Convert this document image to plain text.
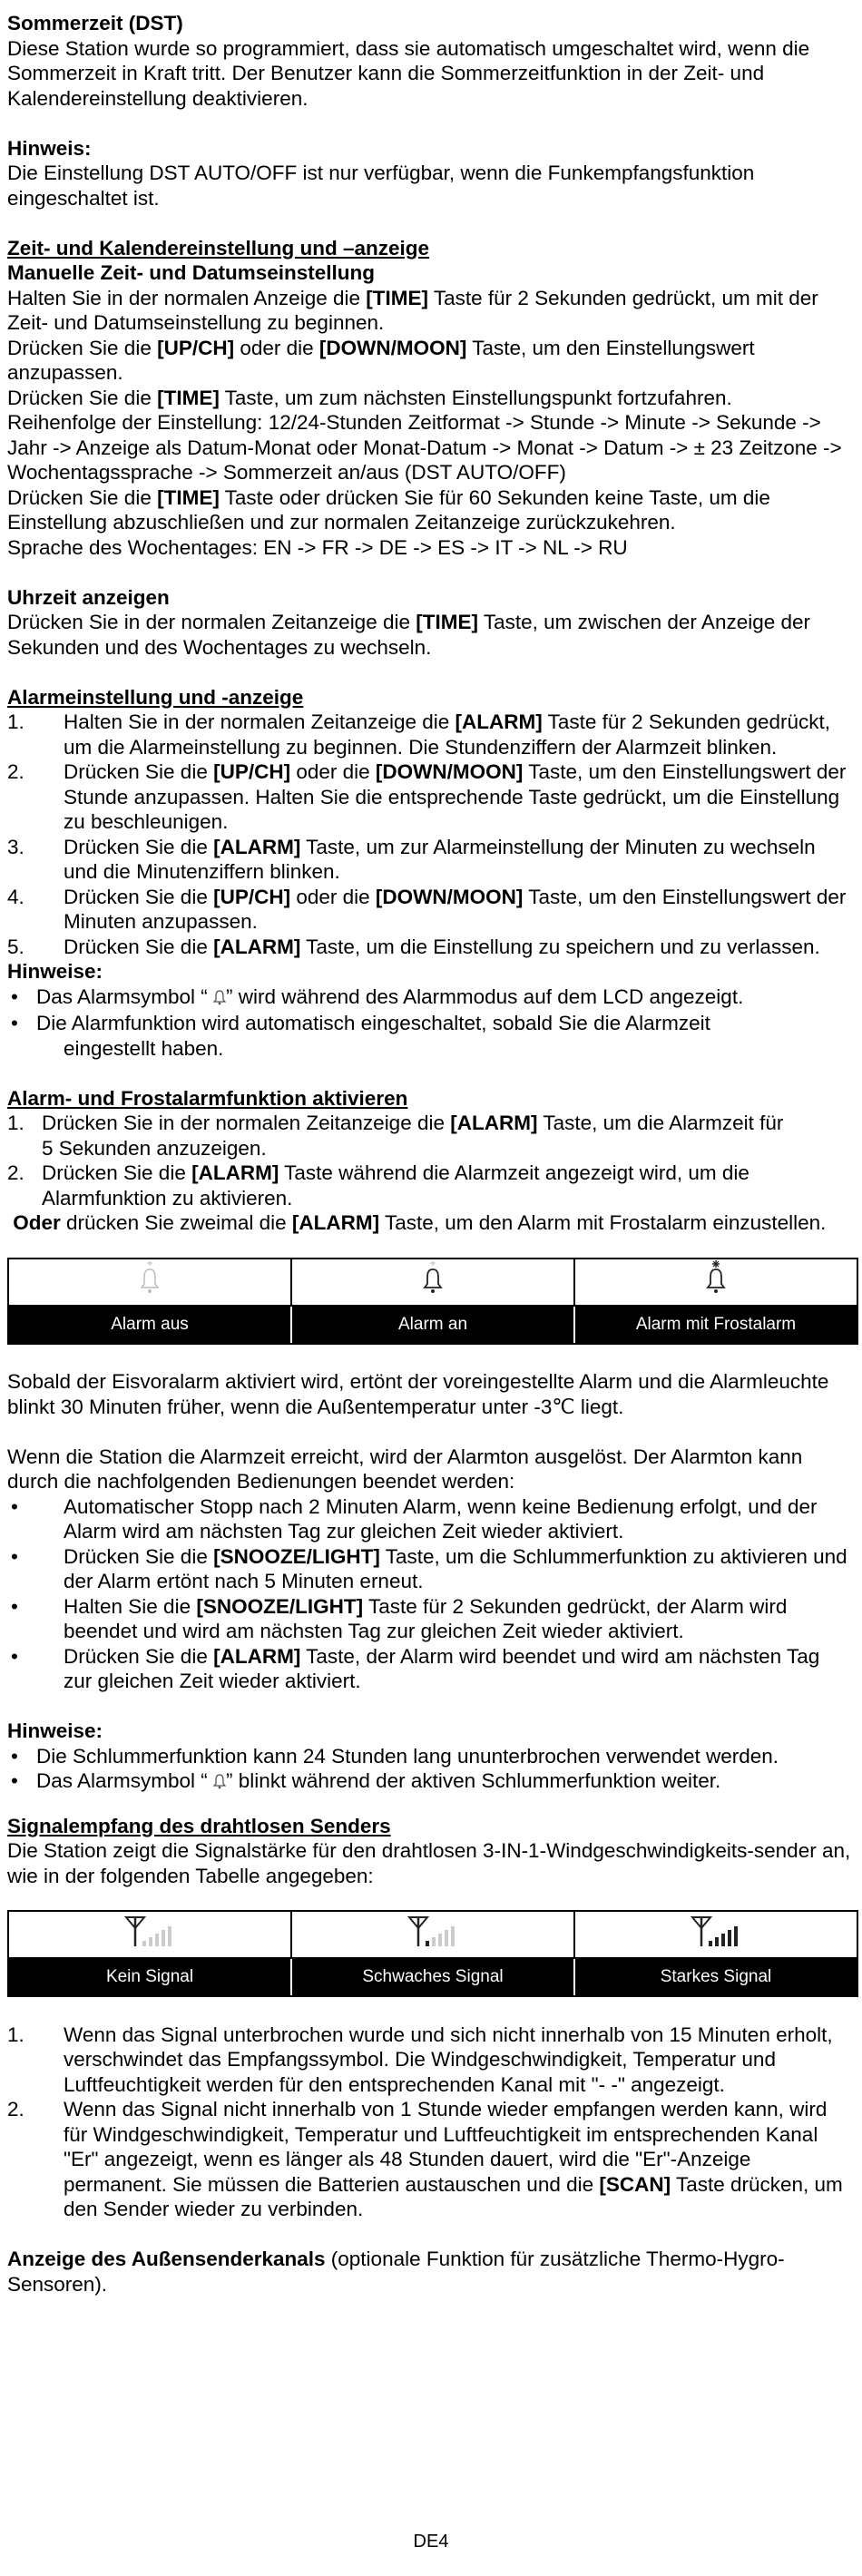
Sommerzeit (DST)

Diese Station wurde so programmiert, dass sie automatisch umgeschaltet wird, wenn die Sommerzeit in Kraft tritt. Der Benutzer kann die Sommerzeitfunktion in der Zeit- und Kalendereinstellung deaktivieren.

Hinweis:

Die Einstellung DST AUTO/OFF ist nur verfügbar, wenn die Funkempfangsfunktion eingeschaltet ist.

Zeit- und Kalendereinstellung und –anzeige

Manuelle Zeit- und Datumseinstellung

Halten Sie in der normalen Anzeige die [TIME] Taste für 2 Sekunden gedrückt, um mit der Zeit- und Datumseinstellung zu beginnen.

Drücken Sie die [UP/CH] oder die [DOWN/MOON] Taste, um den Einstellungswert anzupassen.

Drücken Sie die [TIME] Taste, um zum nächsten Einstellungspunkt fortzufahren.

Reihenfolge der Einstellung: 12/24-Stunden Zeitformat -> Stunde -> Minute -> Sekunde -> Jahr -> Anzeige als Datum-Monat oder Monat-Datum -> Monat -> Datum -> ± 23 Zeitzone -> Wochentagssprache -> Sommerzeit an/aus (DST AUTO/OFF)

Drücken Sie die [TIME] Taste oder drücken Sie für 60 Sekunden keine Taste, um die Einstellung abzuschließen und zur normalen Zeitanzeige zurückzukehren.

Sprache des Wochentages: EN -> FR -> DE -> ES -> IT -> NL -> RU

Uhrzeit anzeigen

Drücken Sie in der normalen Zeitanzeige die [TIME] Taste, um zwischen der Anzeige der Sekunden und des Wochentages zu wechseln.

Alarmeinstellung und -anzeige

1. Halten Sie in der normalen Zeitanzeige die [ALARM] Taste für 2 Sekunden gedrückt, um die Alarmeinstellung zu beginnen. Die Stundenziffern der Alarmzeit blinken.
2. Drücken Sie die [UP/CH] oder die [DOWN/MOON] Taste, um den Einstellungswert der Stunde anzupassen. Halten Sie die entsprechende Taste gedrückt, um die Einstellung zu beschleunigen.
3. Drücken Sie die [ALARM] Taste, um zur Alarmeinstellung der Minuten zu wechseln und die Minutenziffern blinken.
4. Drücken Sie die [UP/CH] oder die [DOWN/MOON] Taste, um den Einstellungswert der Minuten anzupassen.
5. Drücken Sie die [ALARM] Taste, um die Einstellung zu speichern und zu verlassen.

Hinweise:

• Das Alarmsymbol “ ” wird während des Alarmmodus auf dem LCD angezeigt.
• Die Alarmfunktion wird automatisch eingeschaltet, sobald Sie die Alarmzeit
eingestellt haben.

Alarm- und Frostalarmfunktion aktivieren

1. Drücken Sie in der normalen Zeitanzeige die [ALARM] Taste, um die Alarmzeit für
5 Sekunden anzuzeigen.
2. Drücken Sie die [ALARM] Taste während die Alarmzeit angezeigt wird, um die
Alarmfunktion zu aktivieren.

Oder drücken Sie zweimal die [ALARM] Taste, um den Alarm mit Frostalarm einzustellen.

Alarm aus	Alarm an	Alarm mit Frostalarm

Sobald der Eisvoralarm aktiviert wird, ertönt der voreingestellte Alarm und die Alarmleuchte blinkt 30 Minuten früher, wenn die Außentemperatur unter -3℃ liegt.

Wenn die Station die Alarmzeit erreicht, wird der Alarmton ausgelöst. Der Alarmton kann durch die nachfolgenden Bedienungen beendet werden:

• Automatischer Stopp nach 2 Minuten Alarm, wenn keine Bedienung erfolgt, und der Alarm wird am nächsten Tag zur gleichen Zeit wieder aktiviert.
• Drücken Sie die [SNOOZE/LIGHT] Taste, um die Schlummerfunktion zu aktivieren und der Alarm ertönt nach 5 Minuten erneut.
• Halten Sie die [SNOOZE/LIGHT] Taste für 2 Sekunden gedrückt, der Alarm wird beendet und wird am nächsten Tag zur gleichen Zeit wieder aktiviert.
• Drücken Sie die [ALARM] Taste, der Alarm wird beendet und wird am nächsten Tag zur gleichen Zeit wieder aktiviert.

Hinweise:

• Die Schlummerfunktion kann 24 Stunden lang ununterbrochen verwendet werden.
• Das Alarmsymbol “ ” blinkt während der aktiven Schlummerfunktion weiter.

Signalempfang des drahtlosen Senders

Die Station zeigt die Signalstärke für den drahtlosen 3-IN-1-Windgeschwindigkeits-sender an, wie in der folgenden Tabelle angegeben:

Kein Signal	Schwaches Signal	Starkes Signal
1. Wenn das Signal unterbrochen wurde und sich nicht innerhalb von 15 Minuten erholt, verschwindet das Empfangssymbol. Die Windgeschwindigkeit, Temperatur und Luftfeuchtigkeit werden für den entsprechenden Kanal mit "- -" angezeigt.
2. Wenn das Signal nicht innerhalb von 1 Stunde wieder empfangen werden kann, wird für Windgeschwindigkeit, Temperatur und Luftfeuchtigkeit im entsprechenden Kanal "Er" angezeigt, wenn es länger als 48 Stunden dauert, wird die "Er"-Anzeige permanent. Sie müssen die Batterien austauschen und die [SCAN] Taste drücken, um den Sender wieder zu verbinden.

Anzeige des Außensenderkanals (optionale Funktion für zusätzliche Thermo-Hygro-Sensoren).

DE4
